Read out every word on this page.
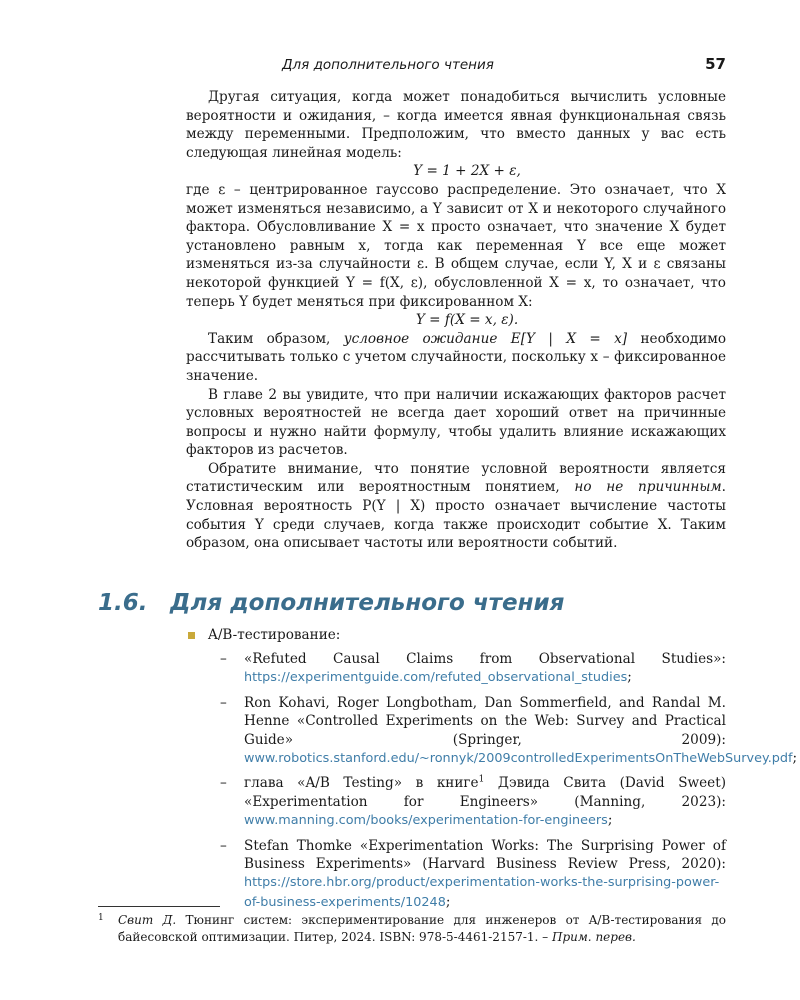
Для дополнительного чтения	57

Другая ситуация, когда может понадобиться вычислить условные вероятности и ожидания, – когда имеется явная функциональная связь между переменными. Предположим, что вместо данных у вас есть следующая линейная модель:

Y = 1 + 2X + ε,

где ε – центрированное гауссово распределение. Это означает, что X может изменяться независимо, а Y зависит от X и некоторого случайного фактора. Обусловливание X = x просто означает, что значение X будет установлено равным x, тогда как переменная Y все еще может изменяться из-за случайности ε. В общем случае, если Y, X и ε связаны некоторой функцией Y = f(X, ε), обусловленной X = x, то означает, что теперь Y будет меняться при фиксированном X:

Y = f(X = x, ε).

Таким образом, условное ожидание E[Y | X = x] необходимо рассчитывать только с учетом случайности, поскольку x – фиксированное значение.

В главе 2 вы увидите, что при наличии искажающих факторов расчет условных вероятностей не всегда дает хороший ответ на причинные вопросы и нужно найти формулу, чтобы удалить влияние искажающих факторов из расчетов.

Обратите внимание, что понятие условной вероятности является статистическим или вероятностным понятием, но не причинным. Условная вероятность P(Y | X) просто означает вычисление частоты события Y среди случаев, когда также происходит событие X. Таким образом, она описывает частоты или вероятности событий.

1.6. Для дополнительного чтения
A/B-тестирование:
– «Refuted Causal Claims from Observational Studies»: https://experimentguide.com/refuted_observational_studies;
– Ron Kohavi, Roger Longbotham, Dan Sommerfield, and Randal M. Henne «Controlled Experiments on the Web: Survey and Practical Guide» (Springer, 2009): www.robotics.stanford.edu/~ronnyk/2009controlledExperimentsOnTheWebSurvey.pdf;
– глава «A/B Testing» в книге$^1$ Дэвида Свита (David Sweet) «Experimentation for Engineers» (Manning, 2023): www.manning.com/books/experimentation-for-engineers;
– Stefan Thomke «Experimentation Works: The Surprising Power of Business Experiments» (Harvard Business Review Press, 2020): https://store.hbr.org/product/experimentation-works-the-surprising-power-of-business-experiments/10248;
1	Свит Д. Тюнинг систем: экспериментирование для инженеров от A/B-тестирования до байесовской оптимизации. Питер, 2024. ISBN: 978-5-4461-2157-1. – Прим. перев.
